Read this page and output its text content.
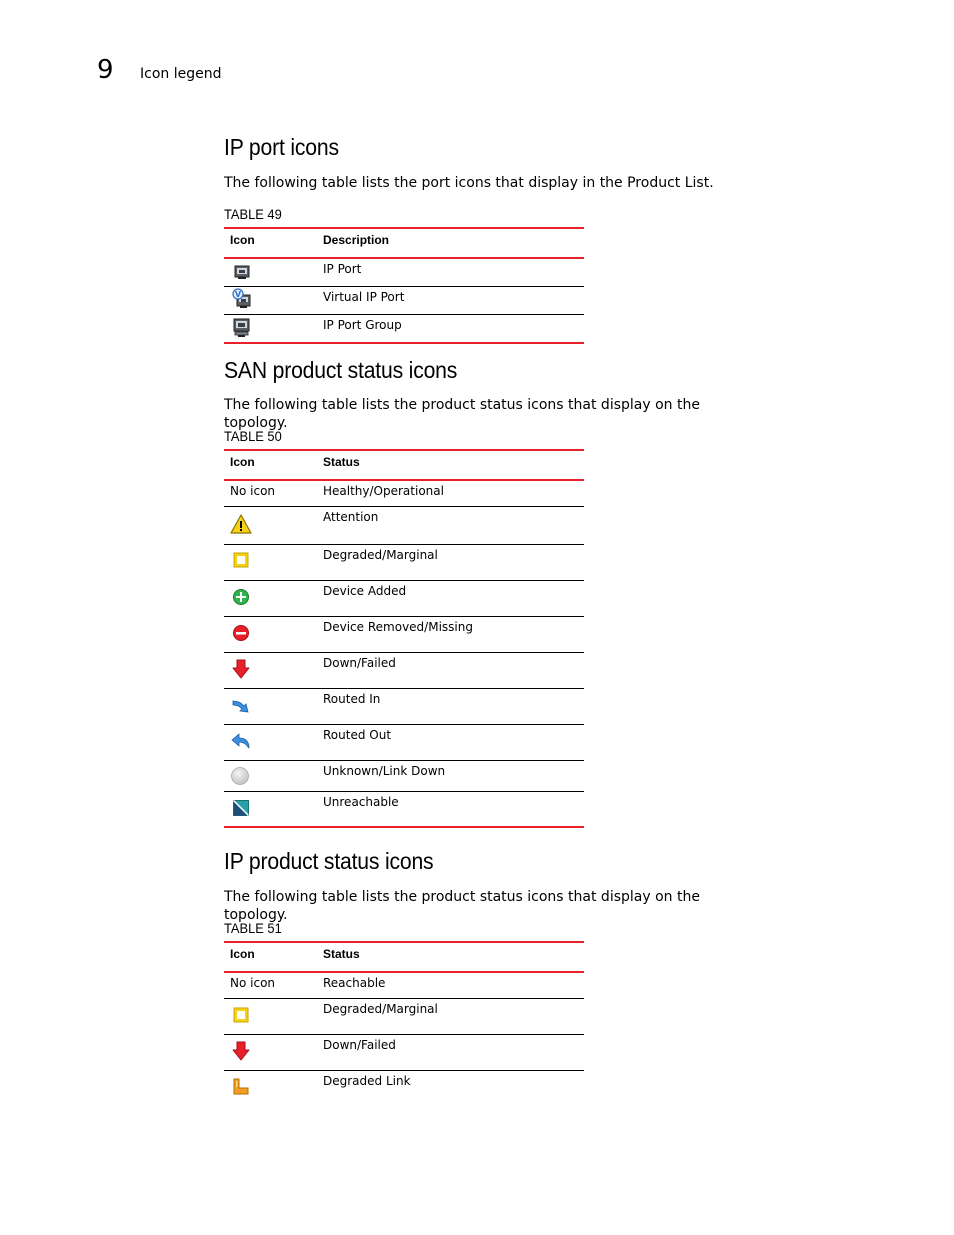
9 Icon legend
IP port icons

The following table lists the port icons that display in the Product List.

TABLE 49
Icon	Description

	IP Port

V	Virtual IP Port

	IP Port Group
SAN product status icons

The following table lists the product status icons that display on the topology.

TABLE 50
Icon	Status
No icon	Healthy/Operational

	Attention

	Degraded/Marginal

	Device Added

	Device Removed/Missing

	Down/Failed

	Routed In

	Routed Out

	Unknown/Link Down

	Unreachable
IP product status icons

The following table lists the product status icons that display on the topology.

TABLE 51
Icon	Status
No icon	Reachable

	Degraded/Marginal

	Down/Failed

	Degraded Link
